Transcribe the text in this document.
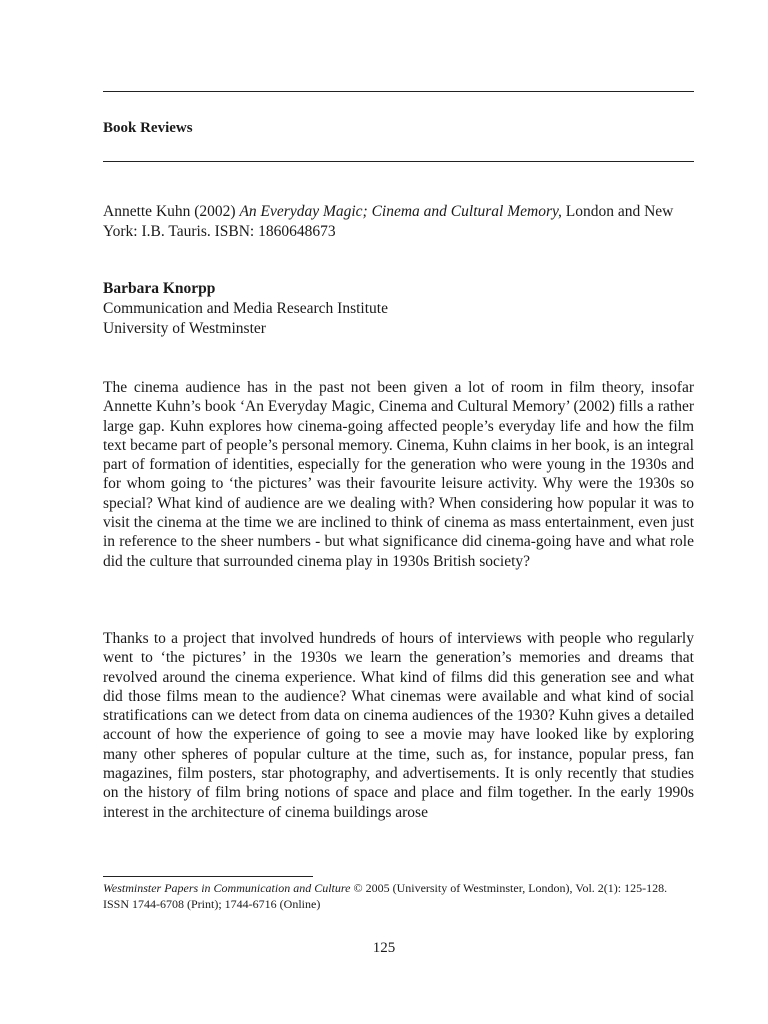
Book Reviews
Annette Kuhn (2002) An Everyday Magic; Cinema and Cultural Memory, London and New York: I.B. Tauris. ISBN: 1860648673
Barbara Knorpp
Communication and Media Research Institute
University of Westminster
The cinema audience has in the past not been given a lot of room in film theory, insofar Annette Kuhn’s book ‘An Everyday Magic, Cinema and Cultural Memory’ (2002) fills a rather large gap. Kuhn explores how cinema-going affected people’s everyday life and how the film text became part of people’s personal memory. Cinema, Kuhn claims in her book, is an integral part of formation of identities, especially for the generation who were young in the 1930s and for whom going to ‘the pictures’ was their favourite leisure activity. Why were the 1930s so special? What kind of audience are we dealing with? When considering how popular it was to visit the cinema at the time we are inclined to think of cinema as mass entertainment, even just in reference to the sheer numbers - but what significance did cinema-going have and what role did the culture that surrounded cinema play in 1930s British society?
Thanks to a project that involved hundreds of hours of interviews with people who regularly went to ‘the pictures’ in the 1930s we learn the generation’s memories and dreams that revolved around the cinema experience. What kind of films did this generation see and what did those films mean to the audience? What cinemas were available and what kind of social stratifications can we detect from data on cinema audiences of the 1930? Kuhn gives a detailed account of how the experience of going to see a movie may have looked like by exploring many other spheres of popular culture at the time, such as, for instance, popular press, fan magazines, film posters, star photography, and advertisements. It is only recently that studies on the history of film bring notions of space and place and film together. In the early 1990s interest in the architecture of cinema buildings arose
Westminster Papers in Communication and Culture © 2005 (University of Westminster, London), Vol. 2(1): 125-128. ISSN 1744-6708 (Print); 1744-6716 (Online)
125
